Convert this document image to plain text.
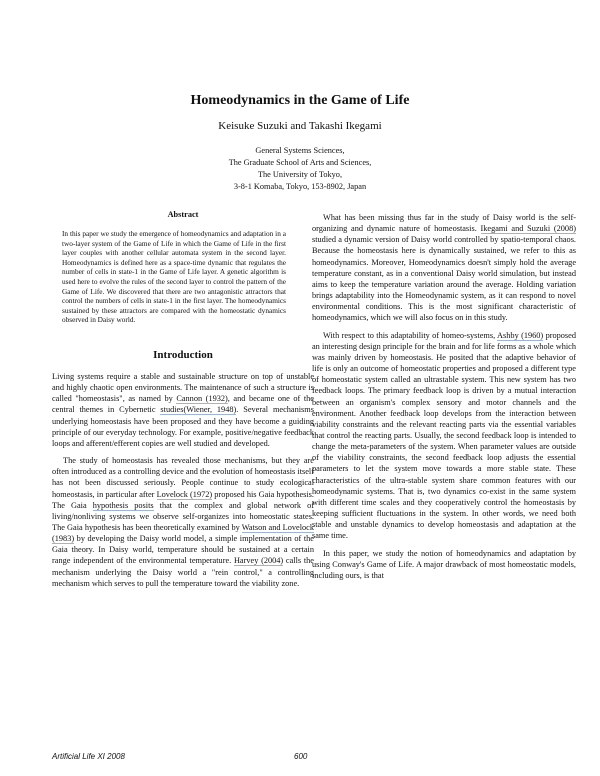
Homeodynamics in the Game of Life
Keisuke Suzuki and Takashi Ikegami
General Systems Sciences,
The Graduate School of Arts and Sciences,
The University of Tokyo,
3-8-1 Komaba, Tokyo, 153-8902, Japan
Abstract
In this paper we study the emergence of homeodynamics and adaptation in a two-layer system of the Game of Life in which the Game of Life in the first layer couples with another cellular automata system in the second layer. Homeodynamics is defined here as a space-time dynamic that regulates the number of cells in state-1 in the Game of Life layer. A genetic algorithm is used here to evolve the rules of the second layer to control the pattern of the Game of Life. We discovered that there are two antagonistic attractors that control the numbers of cells in state-1 in the first layer. The homeodynamics sustained by these attractors are compared with the homeostatic dynamics observed in Daisy world.
Introduction

Living systems require a stable and sustainable structure on top of unstable and highly chaotic open environments. The maintenance of such a structure is called "homeostasis", as named by Cannon (1932), and became one of the central themes in Cybernetic studies(Wiener, 1948). Several mechanisms underlying homeostasis have been proposed and they have become a guiding principle of our everyday technology. For example, positive/negative feedback loops and afferent/efferent copies are well studied and developed.

The study of homeostasis has revealed those mechanisms, but they are often introduced as a controlling device and the evolution of homeostasis itself has not been discussed seriously. People continue to study ecological homeostasis, in particular after Lovelock (1972) proposed his Gaia hypothesis. The Gaia hypothesis posits that the complex and global network of living/nonliving systems we observe self-organizes into homeostatic states. The Gaia hypothesis has been theoretically examined by Watson and Lovelock (1983) by developing the Daisy world model, a simple implementation of the Gaia theory. In Daisy world, temperature should be sustained at a certain range independent of the environmental temperature. Harvey (2004) calls the mechanism underlying the Daisy world a "rein control," a controlling mechanism which serves to pull the temperature toward the viability zone.

What has been missing thus far in the study of Daisy world is the self-organizing and dynamic nature of homeostasis. Ikegami and Suzuki (2008) studied a dynamic version of Daisy world controlled by spatio-temporal chaos. Because the homeostasis here is dynamically sustained, we refer to this as homeodynamics. Moreover, Homeodynamics doesn't simply hold the average temperature constant, as in a conventional Daisy world simulation, but instead aims to keep the temperature variation around the average. Holding variation brings adaptability into the Homeodynamic system, as it can respond to novel environmental conditions. This is the most significant characteristic of homeodynamics, which we will also focus on in this study.

With respect to this adaptability of homeo-systems, Ashby (1960) proposed an interesting design principle for the brain and for life forms as a whole which was mainly driven by homeostasis. He posited that the adaptive behavior of life is only an outcome of homeostatic properties and proposed a different type of homeostatic system called an ultrastable system. This new system has two feedback loops. The primary feedback loop is driven by a mutual interaction between an organism's complex sensory and motor channels and the environment. Another feedback loop develops from the interaction between viability constraints and the relevant reacting parts via the essential variables that control the reacting parts. Usually, the second feedback loop is intended to change the meta-parameters of the system. When parameter values are outside of the viability constraints, the second feedback loop adjusts the essential parameters to let the system move towards a more stable state. These characteristics of the ultra-stable system share common features with our homeodynamic systems. That is, two dynamics co-exist in the same system with different time scales and they cooperatively control the homeostasis by keeping sufficient fluctuations in the system. In other words, we need both stable and unstable dynamics to develop homeostasis and adaptation at the same time.

In this paper, we study the notion of homeodynamics and adaptation by using Conway's Game of Life. A major drawback of most homeostatic models, including ours, is that

Artificial Life XI 2008	600
